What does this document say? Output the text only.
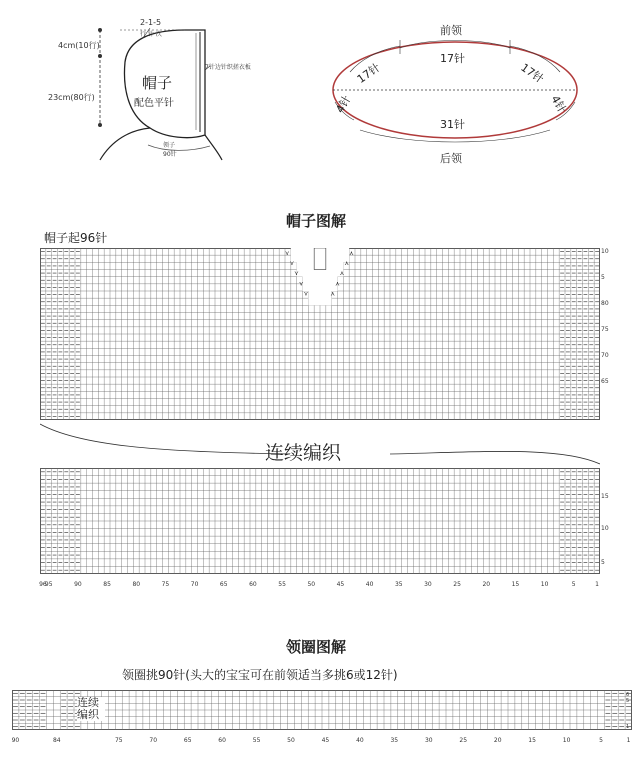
2-1-5
行 针 次
4cm(10行)
23cm(80行)
帽子
配色平针
7针边针织搓衣板
领子
90针
前领
17针
17针	17针
4针	4针
31针
后领
帽子图解
帽子起96针
⋎	⋏
⋎	⋏
⋎	⋏
⋎	⋏
⋎	⋏
10
5
80
75
70
65
连续编织
15
10
5
96
95	90	85	80	75	70	65	60	55	50	45	40	35	30	25	20	15	10	5	1
领圈图解
领圈挑90针(头大的宝宝可在前领适当多挑6或12针)
6
5
1
连续编织
90	84	75	70	65	60	55	50	45	40	35	30	25	20	15	10	5	1
